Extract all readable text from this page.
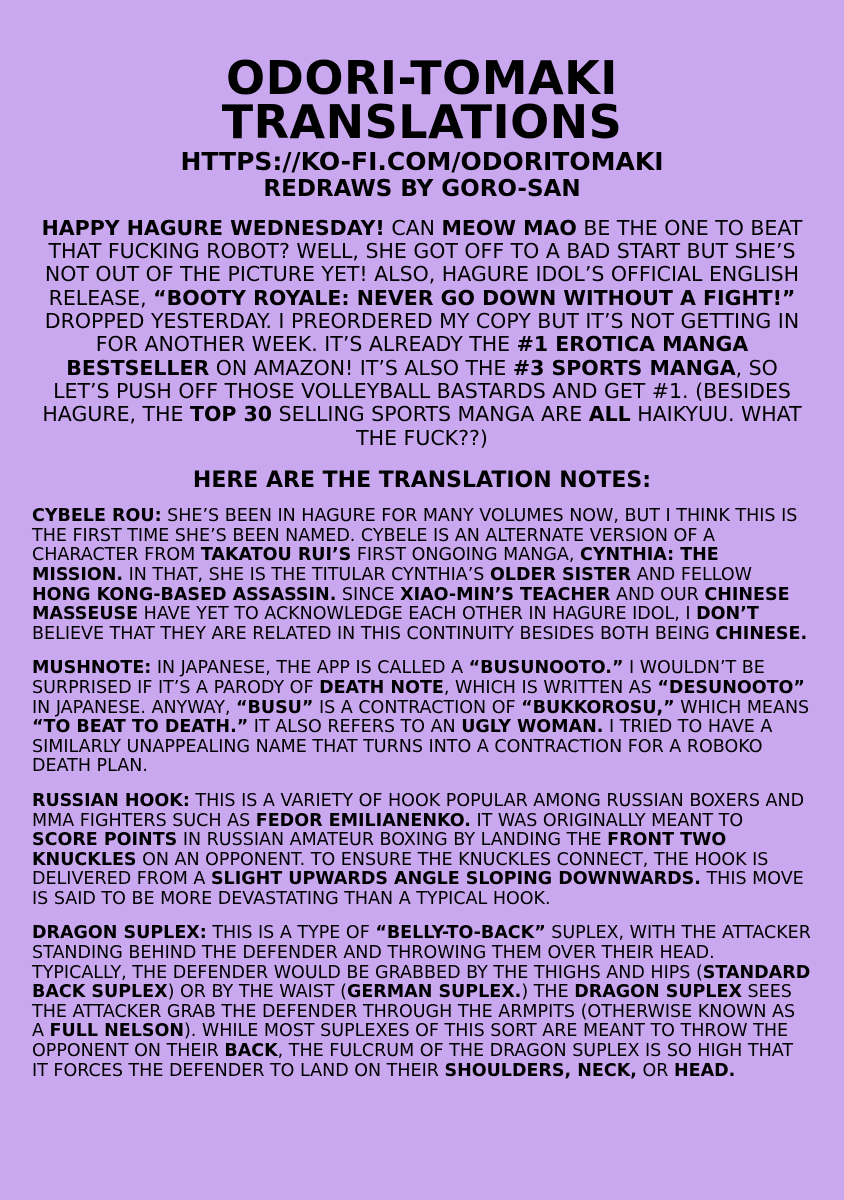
ODORI-TOMAKI
TRANSLATIONS
HTTPS://KO-FI.COM/ODORITOMAKI
REDRAWS BY GORO-SAN
HAPPY HAGURE WEDNESDAY! CAN MEOW MAO BE THE ONE TO BEAT THAT FUCKING ROBOT? WELL, SHE GOT OFF TO A BAD START BUT SHE’S NOT OUT OF THE PICTURE YET! ALSO, HAGURE IDOL’S OFFICIAL ENGLISH RELEASE, “BOOTY ROYALE: NEVER GO DOWN WITHOUT A FIGHT!” DROPPED YESTERDAY. I PREORDERED MY COPY BUT IT’S NOT GETTING IN FOR ANOTHER WEEK. IT’S ALREADY THE #1 EROTICA MANGA BESTSELLER ON AMAZON! IT’S ALSO THE #3 SPORTS MANGA, SO LET’S PUSH OFF THOSE VOLLEYBALL BASTARDS AND GET #1. (BESIDES HAGURE, THE TOP 30 SELLING SPORTS MANGA ARE ALL HAIKYUU. WHAT THE FUCK??)
HERE ARE THE TRANSLATION NOTES:
CYBELE ROU: SHE’S BEEN IN HAGURE FOR MANY VOLUMES NOW, BUT I THINK THIS IS THE FIRST TIME SHE’S BEEN NAMED. CYBELE IS AN ALTERNATE VERSION OF A CHARACTER FROM TAKATOU RUI’S FIRST ONGOING MANGA, CYNTHIA: THE MISSION. IN THAT, SHE IS THE TITULAR CYNTHIA’S OLDER SISTER AND FELLOW HONG KONG-BASED ASSASSIN. SINCE XIAO-MIN’S TEACHER AND OUR CHINESE MASSEUSE HAVE YET TO ACKNOWLEDGE EACH OTHER IN HAGURE IDOL, I DON’T BELIEVE THAT THEY ARE RELATED IN THIS CONTINUITY BESIDES BOTH BEING CHINESE.
MUSHNOTE: IN JAPANESE, THE APP IS CALLED A “BUSUNOOTO.” I WOULDN’T BE SURPRISED IF IT’S A PARODY OF DEATH NOTE, WHICH IS WRITTEN AS “DESUNOOTO” IN JAPANESE. ANYWAY, “BUSU” IS A CONTRACTION OF “BUKKOROSU,” WHICH MEANS “TO BEAT TO DEATH.” IT ALSO REFERS TO AN UGLY WOMAN. I TRIED TO HAVE A SIMILARLY UNAPPEALING NAME THAT TURNS INTO A CONTRACTION FOR A ROBOKO DEATH PLAN.
RUSSIAN HOOK: THIS IS A VARIETY OF HOOK POPULAR AMONG RUSSIAN BOXERS AND MMA FIGHTERS SUCH AS FEDOR EMILIANENKO. IT WAS ORIGINALLY MEANT TO SCORE POINTS IN RUSSIAN AMATEUR BOXING BY LANDING THE FRONT TWO KNUCKLES ON AN OPPONENT. TO ENSURE THE KNUCKLES CONNECT, THE HOOK IS DELIVERED FROM A SLIGHT UPWARDS ANGLE SLOPING DOWNWARDS. THIS MOVE IS SAID TO BE MORE DEVASTATING THAN A TYPICAL HOOK.
DRAGON SUPLEX: THIS IS A TYPE OF “BELLY-TO-BACK” SUPLEX, WITH THE ATTACKER STANDING BEHIND THE DEFENDER AND THROWING THEM OVER THEIR HEAD. TYPICALLY, THE DEFENDER WOULD BE GRABBED BY THE THIGHS AND HIPS (STANDARD BACK SUPLEX) OR BY THE WAIST (GERMAN SUPLEX.) THE DRAGON SUPLEX SEES THE ATTACKER GRAB THE DEFENDER THROUGH THE ARMPITS (OTHERWISE KNOWN AS A FULL NELSON). WHILE MOST SUPLEXES OF THIS SORT ARE MEANT TO THROW THE OPPONENT ON THEIR BACK, THE FULCRUM OF THE DRAGON SUPLEX IS SO HIGH THAT IT FORCES THE DEFENDER TO LAND ON THEIR SHOULDERS, NECK, OR HEAD.
